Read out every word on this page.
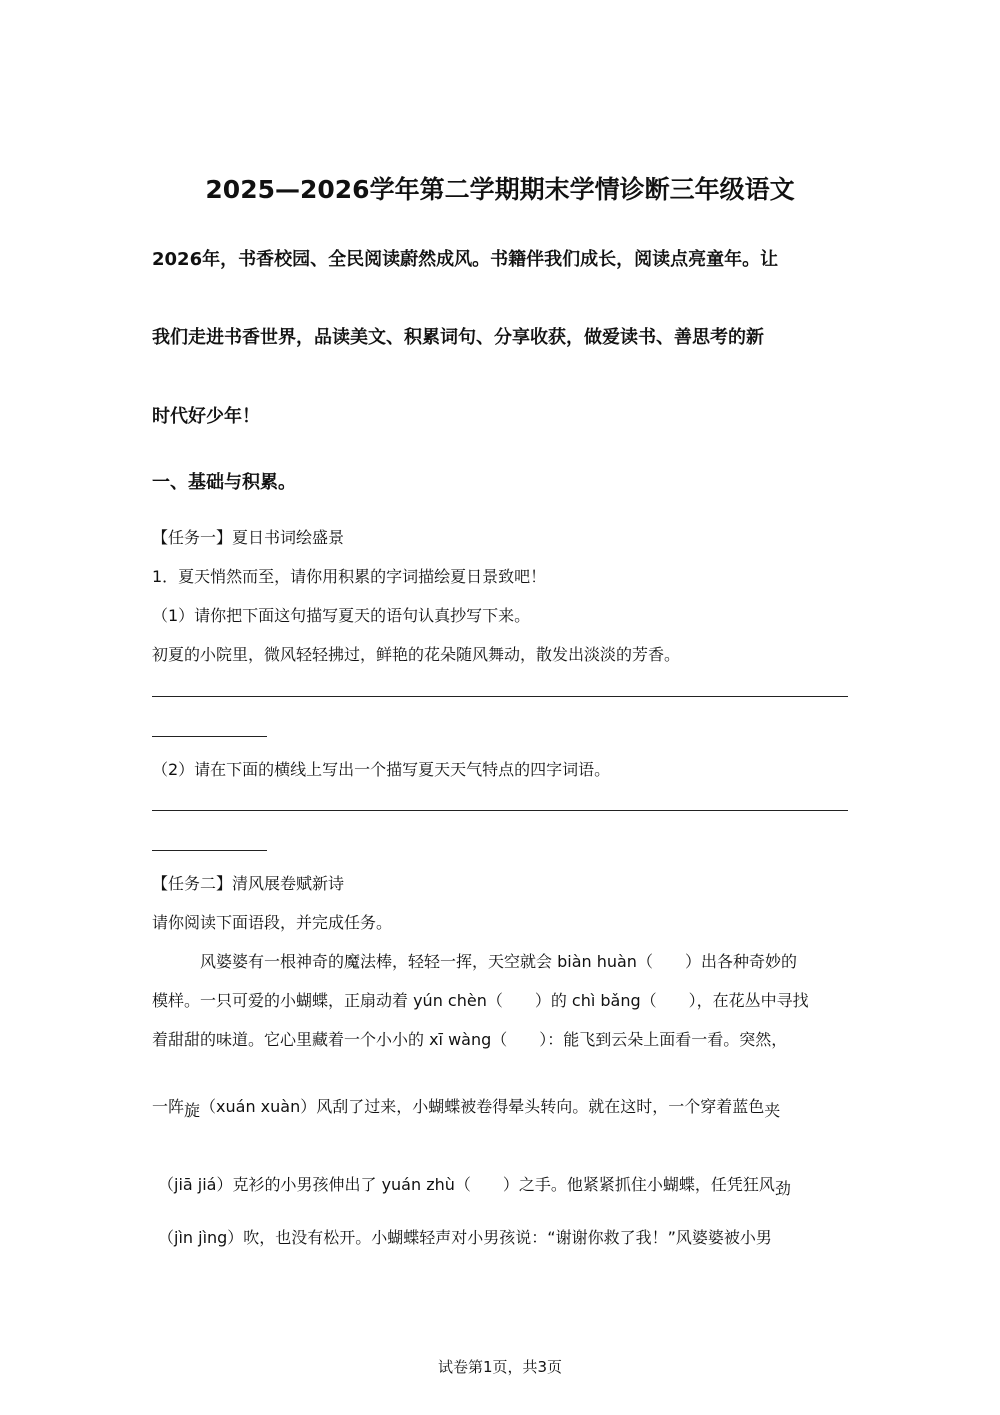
2025—2026学年第二学期期末学情诊断三年级语文
2026年，书香校园、全民阅读蔚然成风。书籍伴我们成长，阅读点亮童年。让
我们走进书香世界，品读美文、积累词句、分享收获，做爱读书、善思考的新
时代好少年！
一、基础与积累。
【任务一】夏日书词绘盛景
1．夏天悄然而至，请你用积累的字词描绘夏日景致吧！
（1）请你把下面这句描写夏天的语句认真抄写下来。
初夏的小院里，微风轻轻拂过，鲜艳的花朵随风舞动，散发出淡淡的芳香。
（2）请在下面的横线上写出一个描写夏天天气特点的四字词语。
【任务二】清风展卷赋新诗
请你阅读下面语段，并完成任务。
风婆婆有一根神奇的魔法棒，轻轻一挥，天空就会 biàn huàn（　　）出各种奇妙的
模样。一只可爱的小蝴蝶，正扇动着 yún chèn（　　）的 chì bǎng（　　），在花丛中寻找
着甜甜的味道。它心里藏着一个小小的 xī wàng（　　）：能飞到云朵上面看一看。突然，
一阵旋（xuán xuàn）风刮了过来，小蝴蝶被卷得晕头转向。就在这时，一个穿着蓝色夹
（jiā jiá）克衫的小男孩伸出了 yuán zhù（　　）之手。他紧紧抓住小蝴蝶，任凭狂风劲
（jìn jìng）吹，也没有松开。小蝴蝶轻声对小男孩说：“谢谢你救了我！”风婆婆被小男
试卷第1页，共3页
